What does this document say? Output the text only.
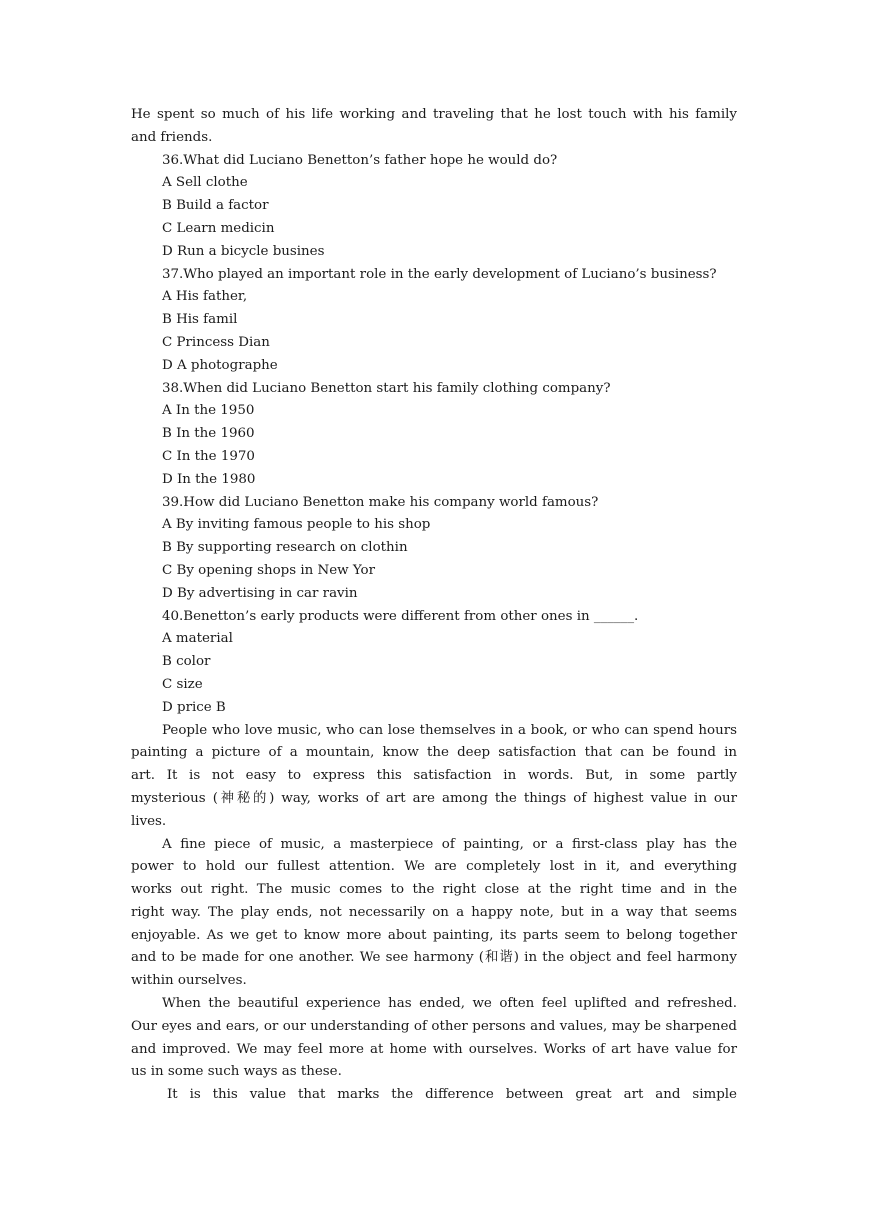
He spent so much of his life working and traveling that he lost touch with his family
and friends.
36.What did Luciano Benetton’s father hope he would do?
A Sell clothe
B Build a factor
C Learn medicin
D Run a bicycle busines
37.Who played an important role in the early development of Luciano’s business?
A His father,
B His famil
C Princess Dian
D A photographe
38.When did Luciano Benetton start his family clothing company?
A In the 1950
B In the 1960
C In the 1970
D In the 1980
39.How did Luciano Benetton make his company world famous?
A By inviting famous people to his shop
B By supporting research on clothin
C By opening shops in New Yor
D By advertising in car ravin
40.Benetton’s early products were different from other ones in ______.
A material
B color
C size
D price B
People who love music, who can lose themselves in a book, or who can spend hours
painting a picture of a mountain, know the deep satisfaction that can be found in
art. It is not easy to express this satisfaction in words. But, in some partly
mysterious (神秘的) way, works of art are among the things of highest value in our
lives.
A fine piece of music, a masterpiece of painting, or a first-class play has the
power to hold our fullest attention. We are completely lost in it, and everything
works out right. The music comes to the right close at the right time and in the
right way. The play ends, not necessarily on a happy note, but in a way that seems
enjoyable. As we get to know more about painting, its parts seem to belong together
and to be made for one another. We see harmony (和谐) in the object and feel harmony
within ourselves.
When the beautiful experience has ended, we often feel uplifted and refreshed.
Our eyes and ears, or our understanding of other persons and values, may be sharpened
and improved. We may feel more at home with ourselves. Works of art have value for
us in some such ways as these.
It is this value that marks the difference between great art and simple
